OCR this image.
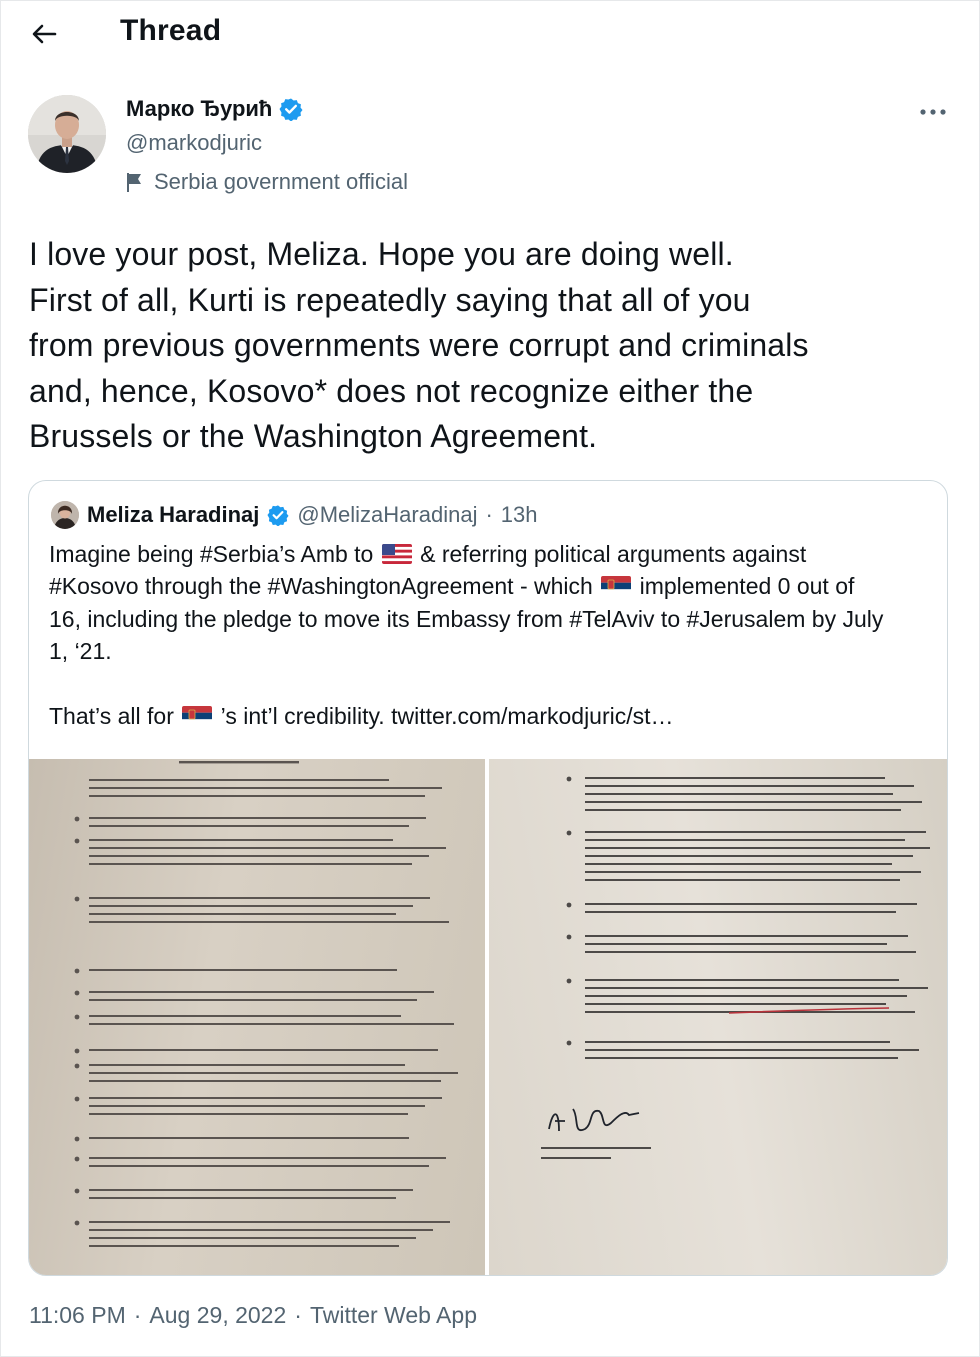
Thread
Марко Ђурић
@markodjuric
Serbia government official
I love your post, Meliza. Hope you are doing well.
First of all, Kurti is repeatedly saying that all of you
from previous governments were corrupt and criminals
and, hence, Kosovo* does not recognize either the
Brussels or the Washington Agreement.
Meliza Haradinaj @MelizaHaradinaj · 13h
Imagine being #Serbia’s Amb to & referring political arguments against
#Kosovo through the #WashingtonAgreement - which implemented 0 out of
16, including the pledge to move its Embassy from #TelAviv to #Jerusalem by July
1, ‘21.
That’s all for ’s int’l credibility. twitter.com/markodjuric/st…
11:06 PM · Aug 29, 2022 · Twitter Web App
